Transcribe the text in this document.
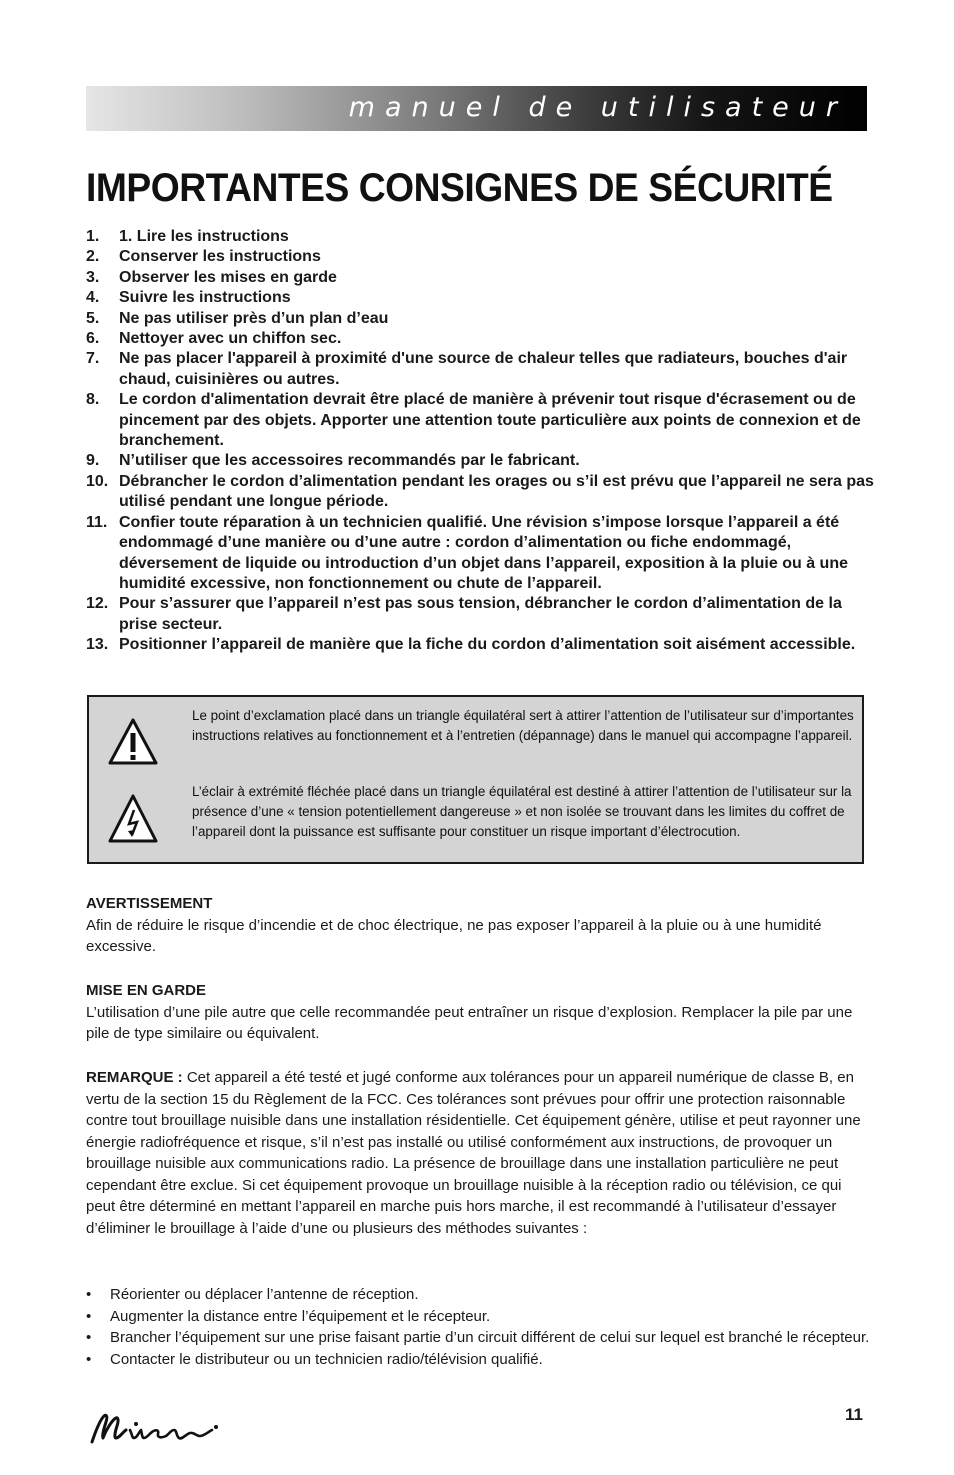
manuel de utilisateur
IMPORTANTES CONSIGNES DE SÉCURITÉ
1. 1. Lire les instructions
2. Conserver les instructions
3. Observer les mises en garde
4. Suivre les instructions
5. Ne pas utiliser près d’un plan d’eau
6. Nettoyer avec un chiffon sec.
7. Ne pas placer l'appareil à proximité d'une source de chaleur telles que radiateurs, bouches d'air chaud, cuisinières ou autres.
8. Le cordon d'alimentation devrait être placé de manière à prévenir tout risque d'écrasement ou de pincement par des objets. Apporter une attention toute particulière aux points de connexion et de branchement.
9. N’utiliser que les accessoires recommandés par le fabricant.
10. Débrancher le cordon d’alimentation pendant les orages ou s’il est prévu que l’appareil ne sera pas utilisé pendant une longue période.
11. Confier toute réparation à un technicien qualifié. Une révision s’impose lorsque l’appareil a été endommagé d’une manière ou d’une autre : cordon d’alimentation ou fiche endommagé, déversement de liquide ou introduction d’un objet dans l’appareil, exposition à la pluie ou à une humidité excessive, non fonctionnement ou chute de l’appareil.
12. Pour s’assurer que l’appareil n’est pas sous tension, débrancher le cordon d’alimentation de la prise secteur.
13. Positionner l’appareil de manière que la fiche du cordon d’alimentation soit aisément accessible.
Le point d’exclamation placé dans un triangle équilatéral sert à attirer l’attention de l’utilisateur sur d’importantes instructions relatives au fonctionnement et à l’entretien (dépannage) dans le manuel qui accompagne l’appareil.
L’éclair à extrémité fléchée placé dans un triangle équilatéral est destiné à attirer l’attention de l’utilisateur sur la présence d’une « tension potentiellement dangereuse » et non isolée se trouvant dans les limites du coffret de l’appareil dont la puissance est suffisante pour constituer un risque important d’électrocution.
AVERTISSEMENT
Afin de réduire le risque d’incendie et de choc électrique, ne pas exposer l’appareil à la pluie ou à une humidité excessive.
MISE EN GARDE
L’utilisation d’une pile autre que celle recommandée peut entraîner un risque d’explosion. Remplacer la pile par une pile de type similaire ou équivalent.
REMARQUE : Cet appareil a été testé et jugé conforme aux tolérances pour un appareil numérique de classe B, en vertu de la section 15 du Règlement de la FCC. Ces tolérances sont prévues pour offrir une protection raisonnable contre tout brouillage nuisible dans une installation résidentielle. Cet équipement génère, utilise et peut rayonner une énergie radiofréquence et risque, s’il n’est pas installé ou utilisé conformément aux instructions, de provoquer un brouillage nuisible aux communications radio. La présence de brouillage dans une installation particulière ne peut cependant être exclue. Si cet équipement provoque un brouillage nuisible à la réception radio ou télévision, ce qui peut être déterminé en mettant l’appareil en marche puis hors marche, il est recommandé à l’utilisateur d’essayer d’éliminer le brouillage à l’aide d’une ou plusieurs des méthodes suivantes :
• Réorienter ou déplacer l’antenne de réception.
• Augmenter la distance entre l’équipement et le récepteur.
• Brancher l’équipement sur une prise faisant partie d’un circuit différent de celui sur lequel est branché le récepteur.
• Contacter le distributeur ou un technicien radio/télévision qualifié.
11
